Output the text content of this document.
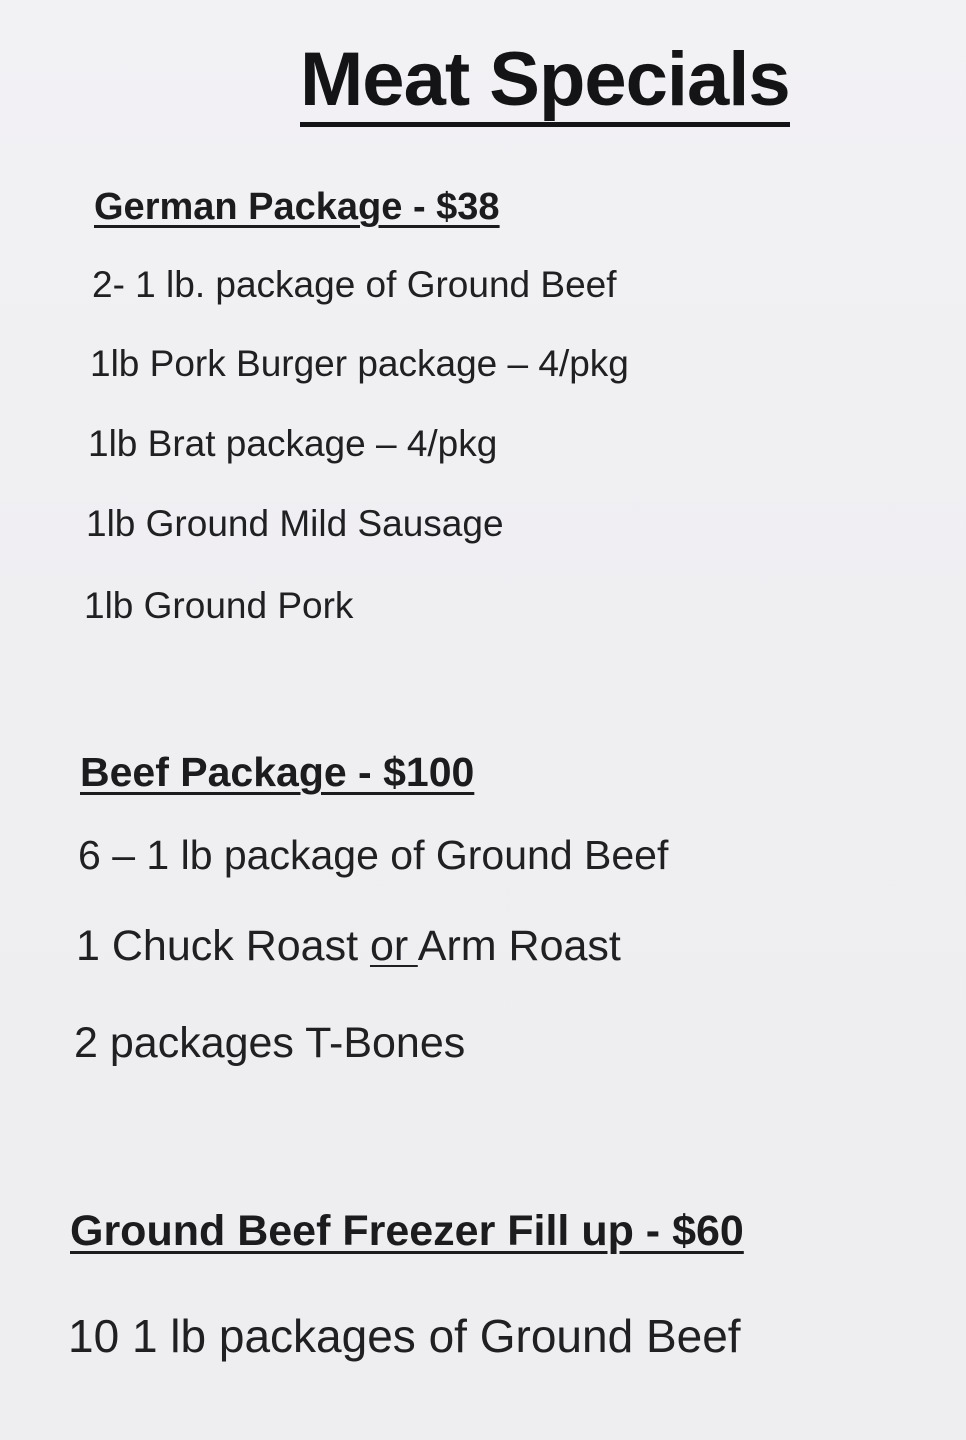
Meat Specials
German Package - $38

2- 1 lb. package of Ground Beef

1lb Pork Burger package – 4/pkg

1lb Brat package – 4/pkg

1lb Ground Mild Sausage

1lb Ground Pork

Beef Package - $100

6 – 1 lb package of Ground Beef

1 Chuck Roast or Arm Roast

2 packages T-Bones

Ground Beef Freezer Fill up - $60

10 1 lb packages of Ground Beef
